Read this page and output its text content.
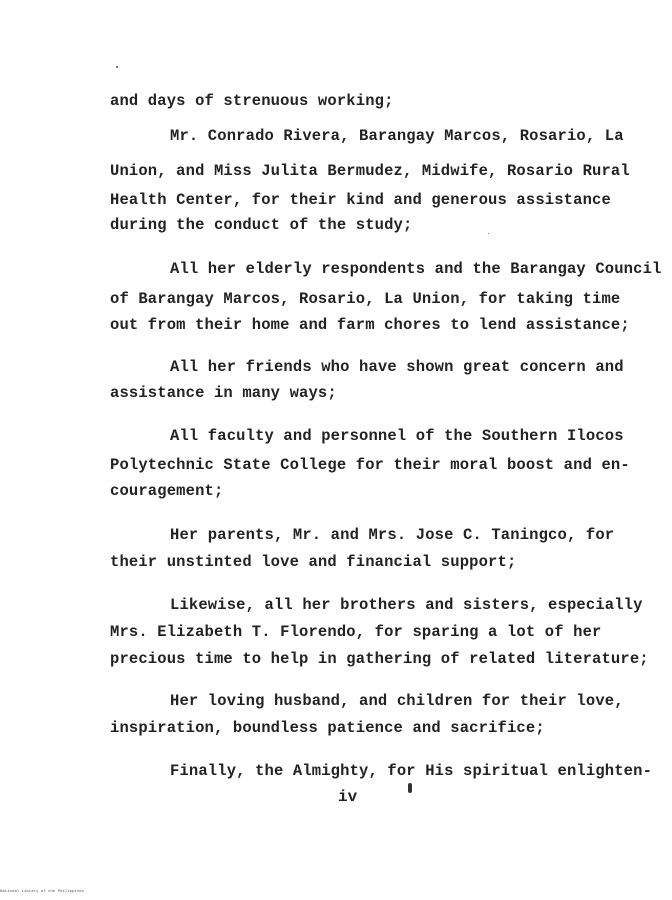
and days of strenuous working;
Mr. Conrado Rivera, Barangay Marcos, Rosario, La
Union, and Miss Julita Bermudez, Midwife, Rosario Rural
Health Center, for their kind and generous assistance
during the conduct of the study;
All her elderly respondents and the Barangay Council
of Barangay Marcos, Rosario, La Union, for taking time
out from their home and farm chores to lend assistance;
All her friends who have shown great concern and
assistance in many ways;
All faculty and personnel of the Southern Ilocos
Polytechnic State College for their moral boost and en-
couragement;
Her parents, Mr. and Mrs. Jose C. Taningco, for
their unstinted love and financial support;
Likewise, all her brothers and sisters, especially
Mrs. Elizabeth T. Florendo, for sparing a lot of her
precious time to help in gathering of related literature;
Her loving husband, and children for their love,
inspiration, boundless patience and sacrifice;
Finally, the Almighty, for His spiritual enlighten-
iv
National Library of the Philippines
